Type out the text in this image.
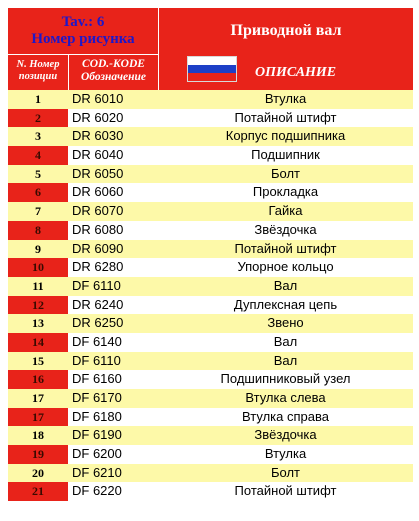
Tav.: 6
Номер рисунка
N. Номер
позиции
COD.-KODE
Обозначение
Приводной вал
ОПИСАНИЕ
1	DR 6010	Втулка
2	DR 6020	Потайной штифт
3	DR 6030	Корпус подшипника
4	DR 6040	Подшипник
5	DR 6050	Болт
6	DR 6060	Прокладка
7	DR 6070	Гайка
8	DR 6080	Звёздочка
9	DR 6090	Потайной штифт
10	DR 6280	Упорное кольцо
11	DF 6110	Вал
12	DR 6240	Дуплексная цепь
13	DR 6250	Звено
14	DF 6140	Вал
15	DF 6110	Вал
16	DF 6160	Подшипниковый узел
17	DF 6170	Втулка слева
17	DF 6180	Втулка справа
18	DF 6190	Звёздочка
19	DF 6200	Втулка
20	DF 6210	Болт
21	DF 6220	Потайной штифт
